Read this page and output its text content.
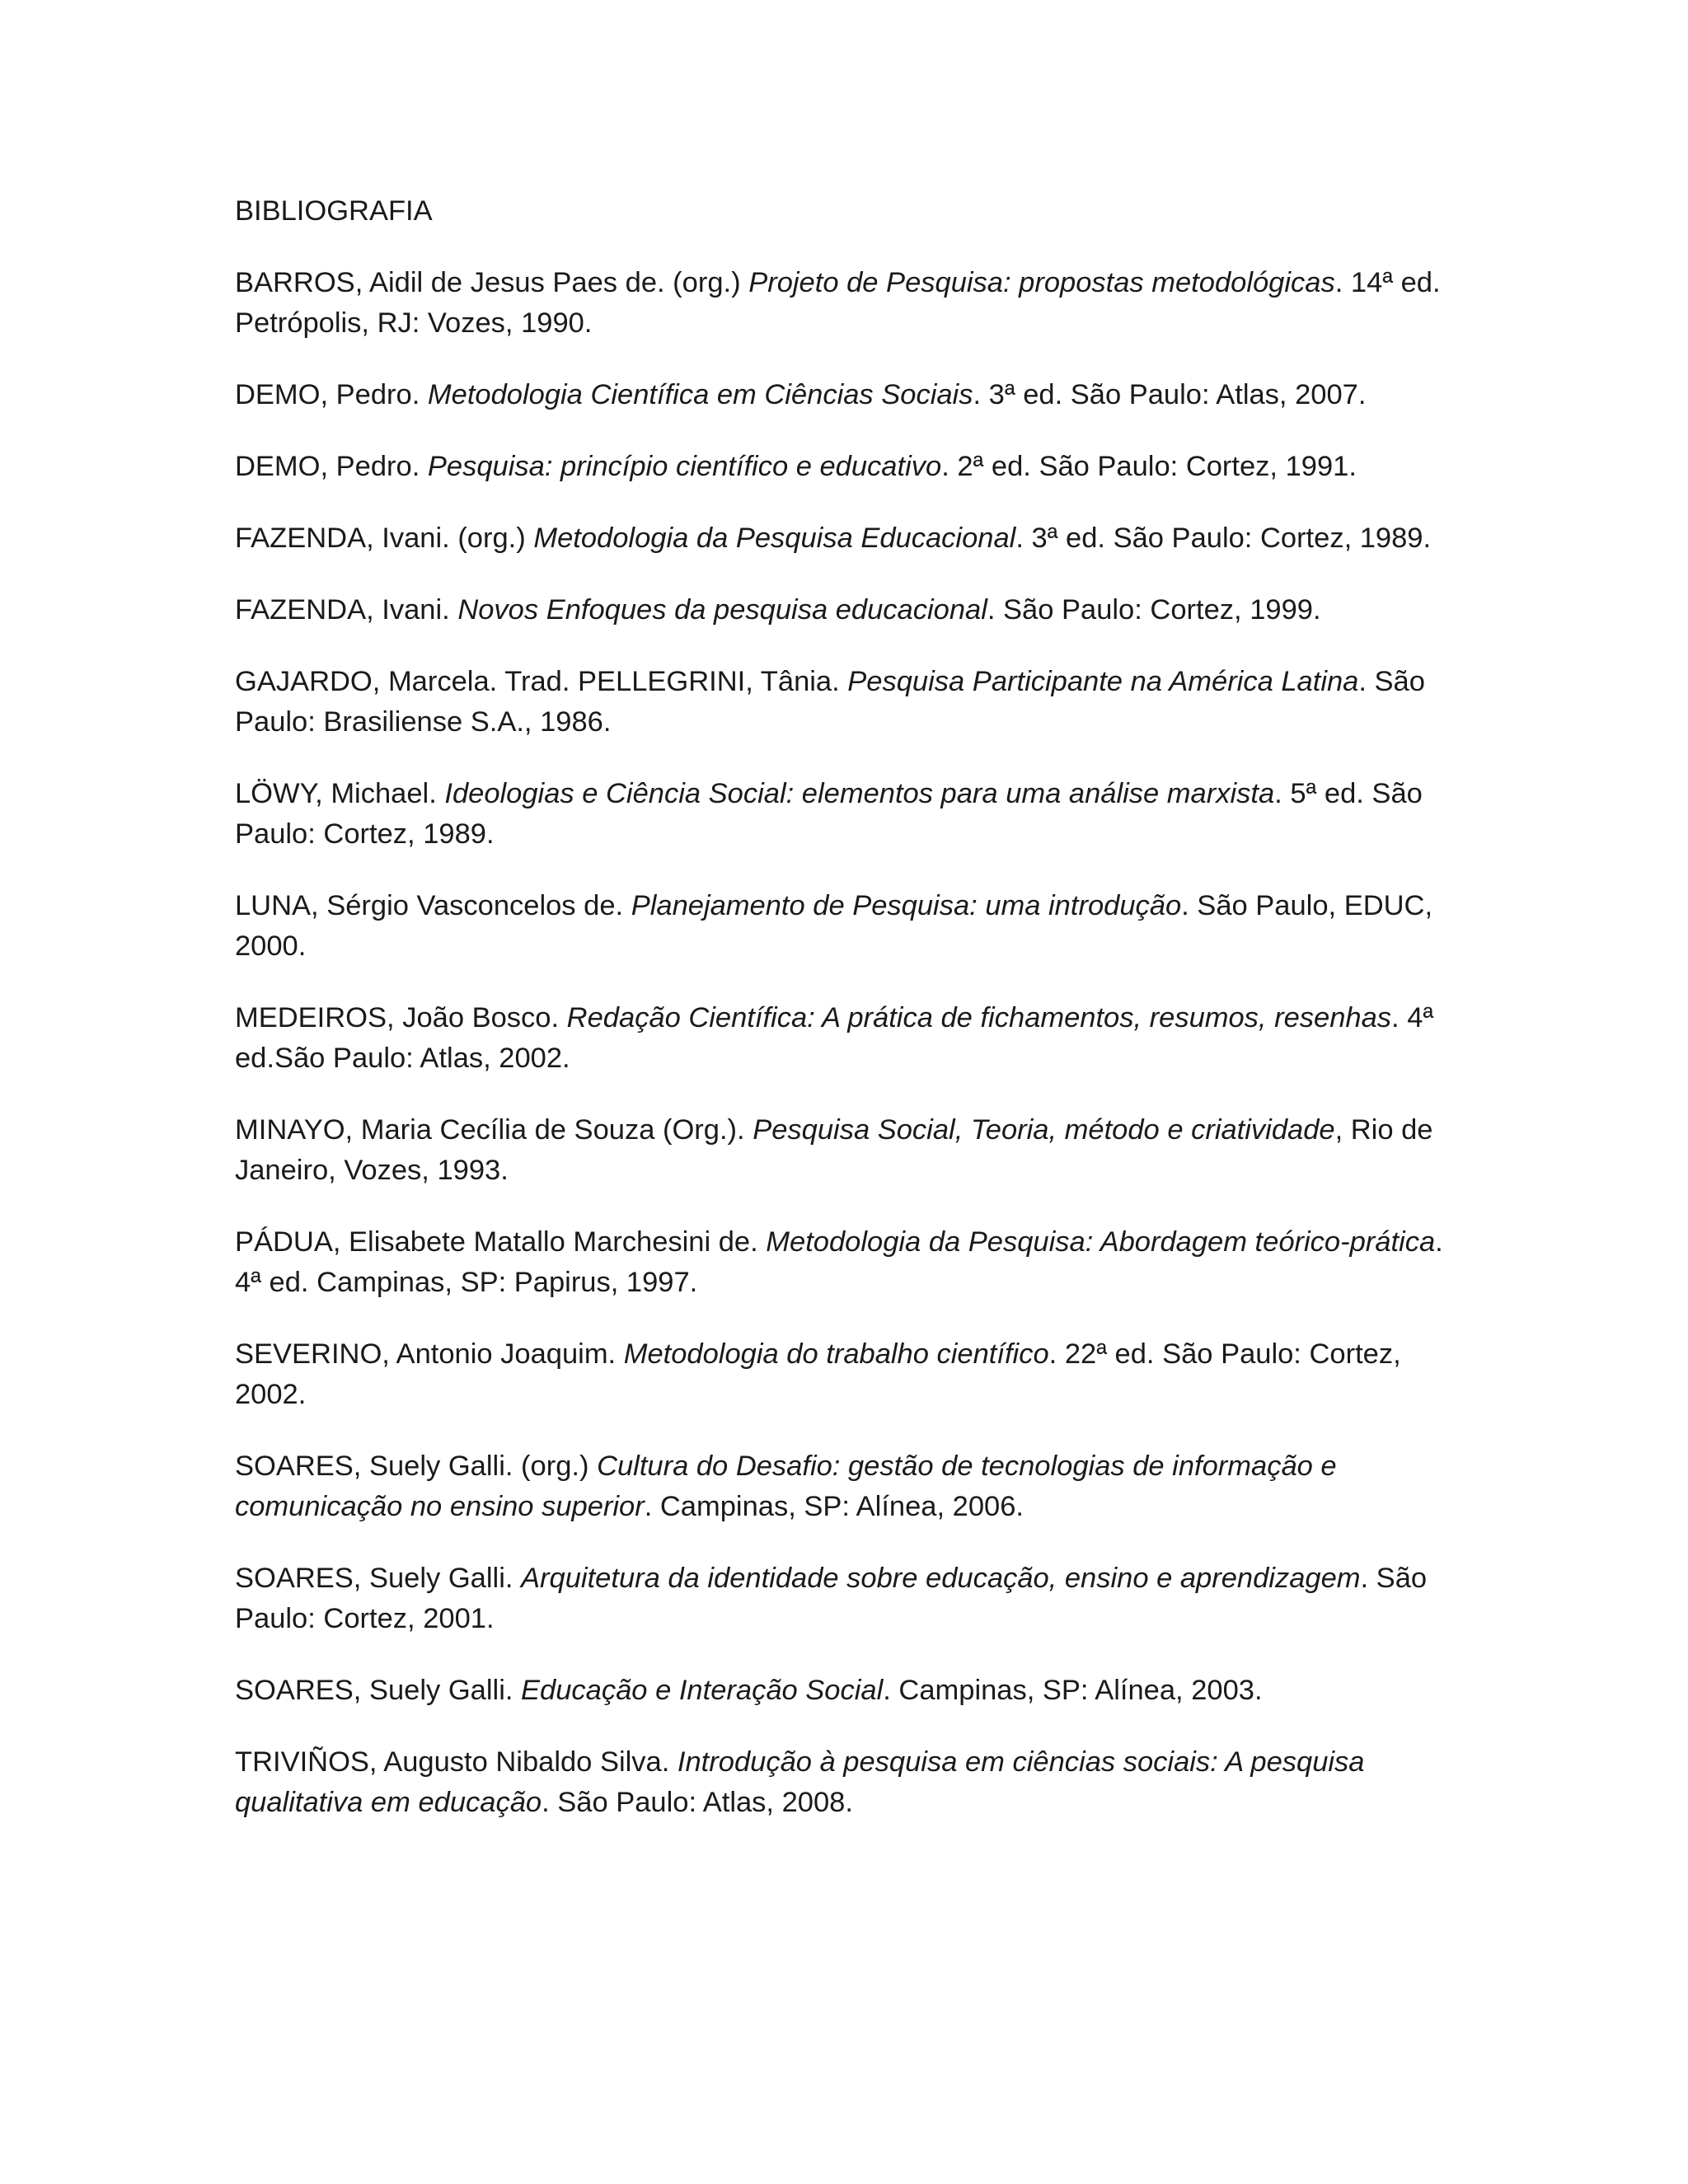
BIBLIOGRAFIA

BARROS, Aidil de Jesus Paes de. (org.) Projeto de Pesquisa: propostas metodológicas. 14ª ed. Petrópolis, RJ: Vozes, 1990.

DEMO, Pedro. Metodologia Científica em Ciências Sociais. 3ª ed. São Paulo: Atlas, 2007.

DEMO, Pedro. Pesquisa: princípio científico e educativo. 2ª ed. São Paulo: Cortez, 1991.

FAZENDA, Ivani. (org.) Metodologia da Pesquisa Educacional. 3ª ed. São Paulo: Cortez, 1989.

FAZENDA, Ivani. Novos Enfoques da pesquisa educacional. São Paulo: Cortez, 1999.

GAJARDO, Marcela. Trad. PELLEGRINI, Tânia. Pesquisa Participante na América Latina. São Paulo: Brasiliense S.A., 1986.

LÖWY, Michael. Ideologias e Ciência Social: elementos para uma análise marxista. 5ª ed. São Paulo: Cortez, 1989.

LUNA, Sérgio Vasconcelos de. Planejamento de Pesquisa: uma introdução. São Paulo, EDUC, 2000.

MEDEIROS, João Bosco. Redação Científica: A prática de fichamentos, resumos, resenhas. 4ª ed.São Paulo: Atlas, 2002.

MINAYO, Maria Cecília de Souza (Org.). Pesquisa Social, Teoria, método e criatividade, Rio de Janeiro, Vozes, 1993.

PÁDUA, Elisabete Matallo Marchesini de. Metodologia da Pesquisa: Abordagem teórico-prática. 4ª ed. Campinas, SP: Papirus, 1997.

SEVERINO, Antonio Joaquim. Metodologia do trabalho científico. 22ª ed. São Paulo: Cortez, 2002.

SOARES, Suely Galli. (org.) Cultura do Desafio: gestão de tecnologias de informação e comunicação no ensino superior. Campinas, SP: Alínea, 2006.

SOARES, Suely Galli. Arquitetura da identidade sobre educação, ensino e aprendizagem. São Paulo: Cortez, 2001.

SOARES, Suely Galli. Educação e Interação Social. Campinas, SP: Alínea, 2003.

TRIVIÑOS, Augusto Nibaldo Silva. Introdução à pesquisa em ciências sociais: A pesquisa qualitativa em educação. São Paulo: Atlas, 2008.
